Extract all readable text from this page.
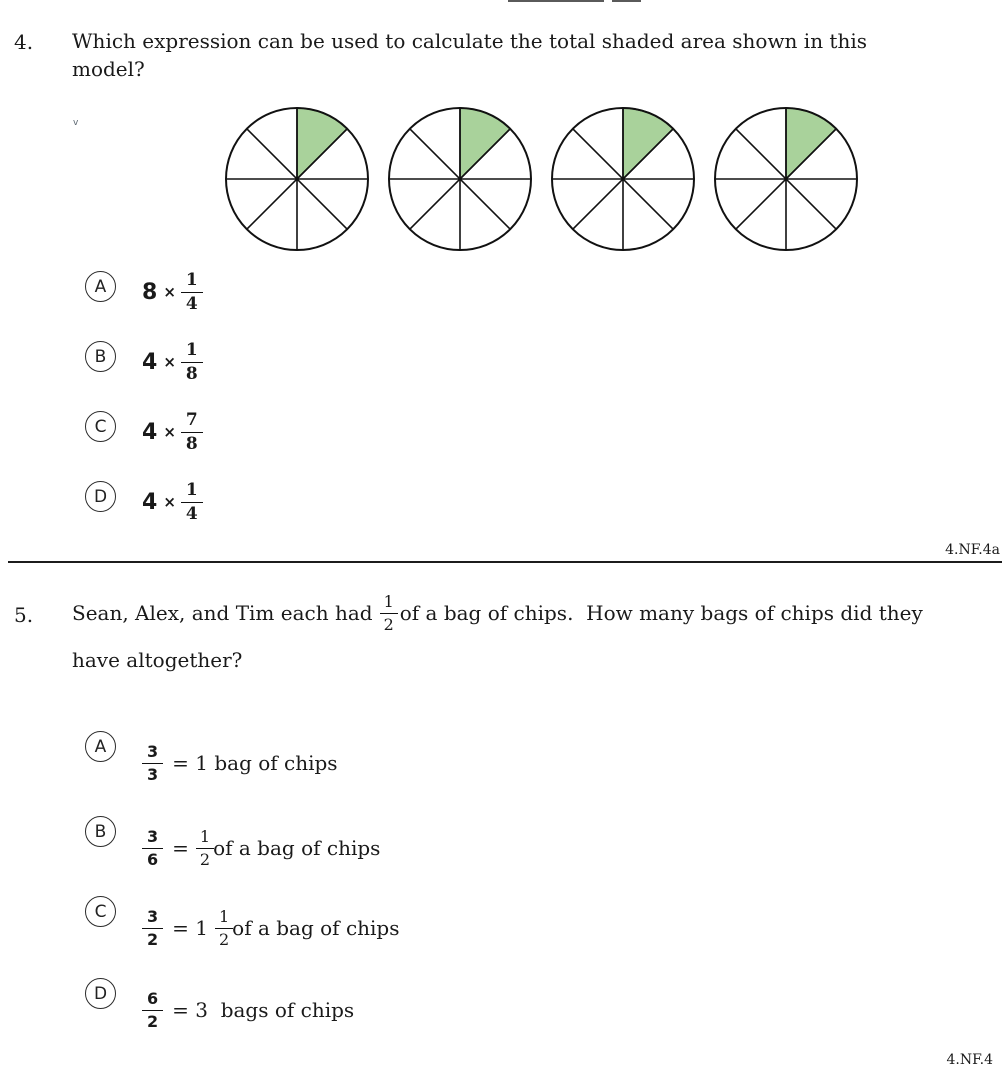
4. Which expression can be used to calculate the total shaded area shown in this
model?
v
A $8 \times \frac{1}{4}$
B $4 \times \frac{1}{8}$
C $4 \times \frac{7}{8}$
D $4 \times \frac{1}{4}$
4.NF.4a
5. Sean, Alex, and Tim each had $\frac{1}{2}$ of a bag of chips.  How many bags of chips did they
have altogether?
A $\frac{3}{3} = 1$ bag of chips
B $\frac{3}{6} = \frac{1}{2}$ of a bag of chips
C $\frac{3}{2} = 1 \frac{1}{2}$ of a bag of chips
D $\frac{6}{2} = 3$  bags of chips
4.NF.4
